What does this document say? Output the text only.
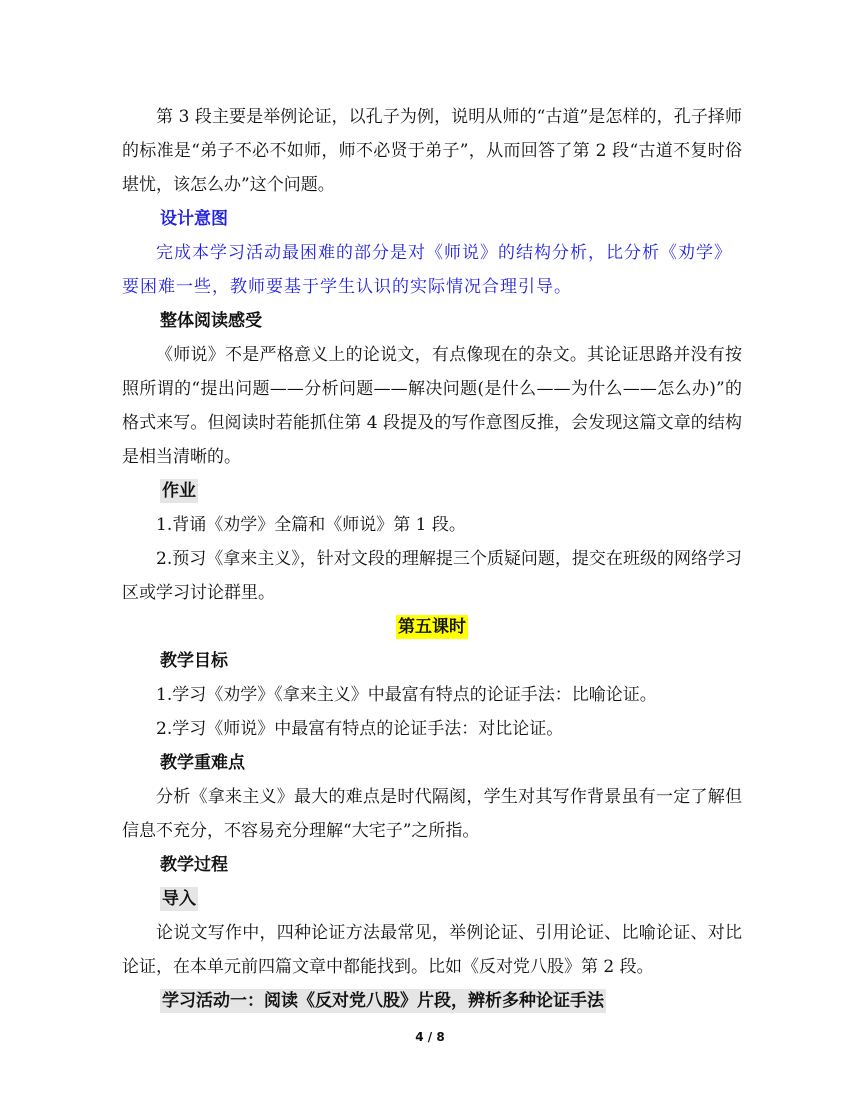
第 3 段主要是举例论证，以孔子为例，说明从师的“古道”是怎样的，孔子择师的标准是“弟子不必不如师，师不必贤于弟子”，从而回答了第 2 段“古道不复时俗堪忧，该怎么办”这个问题。

设计意图

完成本学习活动最困难的部分是对《师说》的结构分析，比分析《劝学》要困难一些，教师要基于学生认识的实际情况合理引导。

整体阅读感受

《师说》不是严格意义上的论说文，有点像现在的杂文。其论证思路并没有按照所谓的“提出问题——分析问题——解决问题(是什么——为什么——怎么办)”的格式来写。但阅读时若能抓住第 4 段提及的写作意图反推，会发现这篇文章的结构是相当清晰的。

作业

1.背诵《劝学》全篇和《师说》第 1 段。

2.预习《拿来主义》，针对文段的理解提三个质疑问题，提交在班级的网络学习区或学习讨论群里。

第五课时

教学目标

1.学习《劝学》《拿来主义》中最富有特点的论证手法：比喻论证。

2.学习《师说》中最富有特点的论证手法：对比论证。

教学重难点

分析《拿来主义》最大的难点是时代隔阂，学生对其写作背景虽有一定了解但信息不充分，不容易充分理解“大宅子”之所指。

教学过程

导入

论说文写作中，四种论证方法最常见，举例论证、引用论证、比喻论证、对比论证，在本单元前四篇文章中都能找到。比如《反对党八股》第 2 段。

学习活动一：阅读《反对党八股》片段，辨析多种论证手法

4 / 8
